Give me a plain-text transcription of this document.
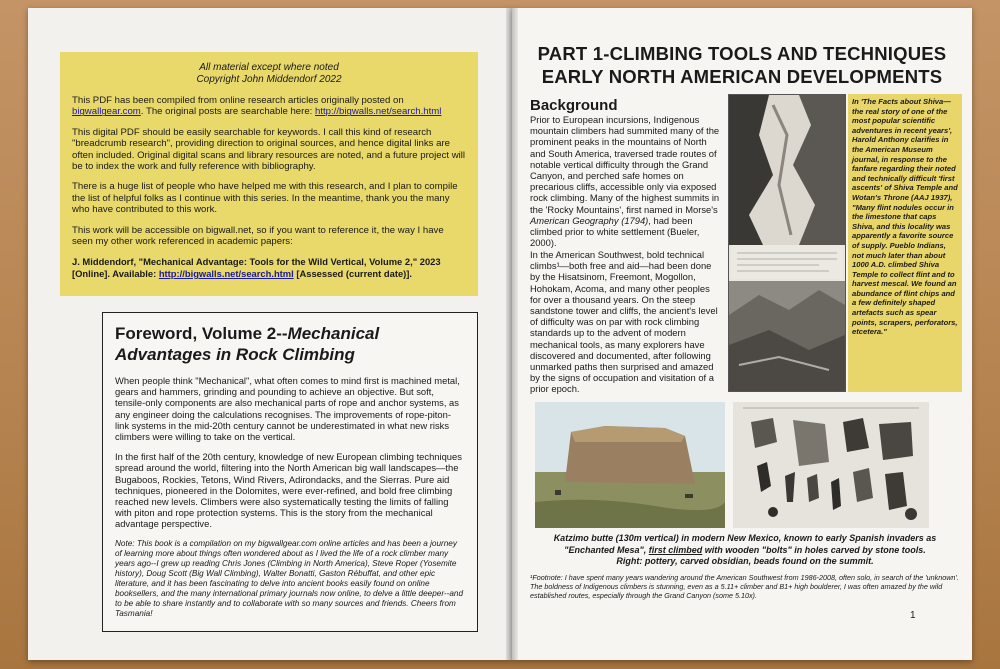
All material except where noted
Copyright John Middendorf 2022

This PDF has been compiled from online research articles originally posted on bigwallgear.com. The original posts are searchable here: http://bigwalls.net/search.html

This digital PDF should be easily searchable for keywords. I call this kind of research "breadcrumb research", providing direction to original sources, and hence digital links are often included. Original digital scans and library resources are noted, and a future project will be to index the work and fully reference with bibliography.

There is a huge list of people who have helped me with this research, and I plan to compile the list of helpful folks as I continue with this series. In the meantime, thank you the many who have contributed to this work.

This work will be accessible on bigwall.net, so if you want to reference it, the way I have seen my other work referenced in academic papers:

J. Middendorf, "Mechanical Advantage: Tools for the Wild Vertical, Volume 2," 2023 [Online]. Available: http://bigwalls.net/search.html [Assessed (current date)].

Foreword, Volume 2--Mechanical Advantages in Rock Climbing

When people think "Mechanical", what often comes to mind first is machined metal, gears and hammers, grinding and pounding to achieve an objective. But soft, tensile-only components are also mechanical parts of rope and anchor systems, as any engineer doing the calculations recognises. The improvements of rope-piton-link systems in the mid-20th century cannot be underestimated in what new risks climbers were willing to take on the vertical.

In the first half of the 20th century, knowledge of new European climbing techniques spread around the world, filtering into the North American big wall landscapes—the Bugaboos, Rockies, Tetons, Wind Rivers, Adirondacks, and the Sierras. Pure aid techniques, pioneered in the Dolomites, were ever-refined, and bold free climbing reached new levels. Climbers were also systematically testing the limits of falling with piton and rope protection systems. This is the story from the mechanical advantage perspective.

Note: This book is a compilation on my bigwallgear.com online articles and has been a journey of learning more about things often wondered about as I lived the life of a rock climber many years ago--I grew up reading Chris Jones (Climbing in North America), Steve Roper (Yosemite history), Doug Scott (Big Wall Climbing), Walter Bonatti, Gaston Rébuffat, and other epic literature, and it has been fascinating to delve into ancient books easily found on online booksellers, and the many international primary journals now online, to delve a little deeper--and to be able to share instantly and to collaborate with so many sources and friends. Cheers from Tasmania!

PART 1-CLIMBING TOOLS AND TECHNIQUES
EARLY NORTH AMERICAN DEVELOPMENTS
Background
Prior to European incursions, Indigenous mountain climbers had summited many of the prominent peaks in the mountains of North and South America, traversed trade routes of notable vertical difficulty through the Grand Canyon, and perched safe homes on precarious cliffs, accessible only via exposed rock climbing. Many of the highest summits in the 'Rocky Mountains', first named in Morse's American Geography (1794), had been climbed prior to white settlement (Bueler, 2000).
In the American Southwest, bold technical climbs¹—both free and aid—had been done by the Hisatsinom, Freemont, Mogollon, Hohokam, Acoma, and many other peoples for over a thousand years. On the steep sandstone tower and cliffs, the ancient's level of difficulty was on par with rock climbing standards up to the advent of modern mechanical tools, as many explorers have discovered and documented, after following unmarked paths then surprised and amazed by the signs of occupation and visitation of a prior epoch.
In 'The Facts about Shiva—the real story of one of the most popular scientific adventures in recent years', Harold Anthony clarifies in the American Museum journal, in response to the fanfare regarding their noted and technically difficult 'first ascents' of Shiva Temple and Wotan's Throne (AAJ 1937), "Many flint nodules occur in the limestone that caps Shiva, and this locality was apparently a favorite source of supply. Pueblo Indians, not much later than about 1000 A.D. climbed Shiva Temple to collect flint and to harvest mescal. We found an abundance of flint chips and a few definitely shaped artefacts such as spear points, scrapers, perforators, etcetera."
Katzimo butte (130m vertical) in modern New Mexico, known to early Spanish invaders as "Enchanted Mesa", first climbed with wooden "bolts" in holes carved by stone tools.
Right: pottery, carved obsidian, beads found on the summit.
¹Footnote: I have spent many years wandering around the American Southwest from 1986-2008, often solo, in search of the 'unknown'. The boldness of Indigenous climbers is stunning, even as a 5.11+ climber and B1+ high boulderer, I was often amazed by the wild established routes, especially through the Grand Canyon (some 5.10x).
1
